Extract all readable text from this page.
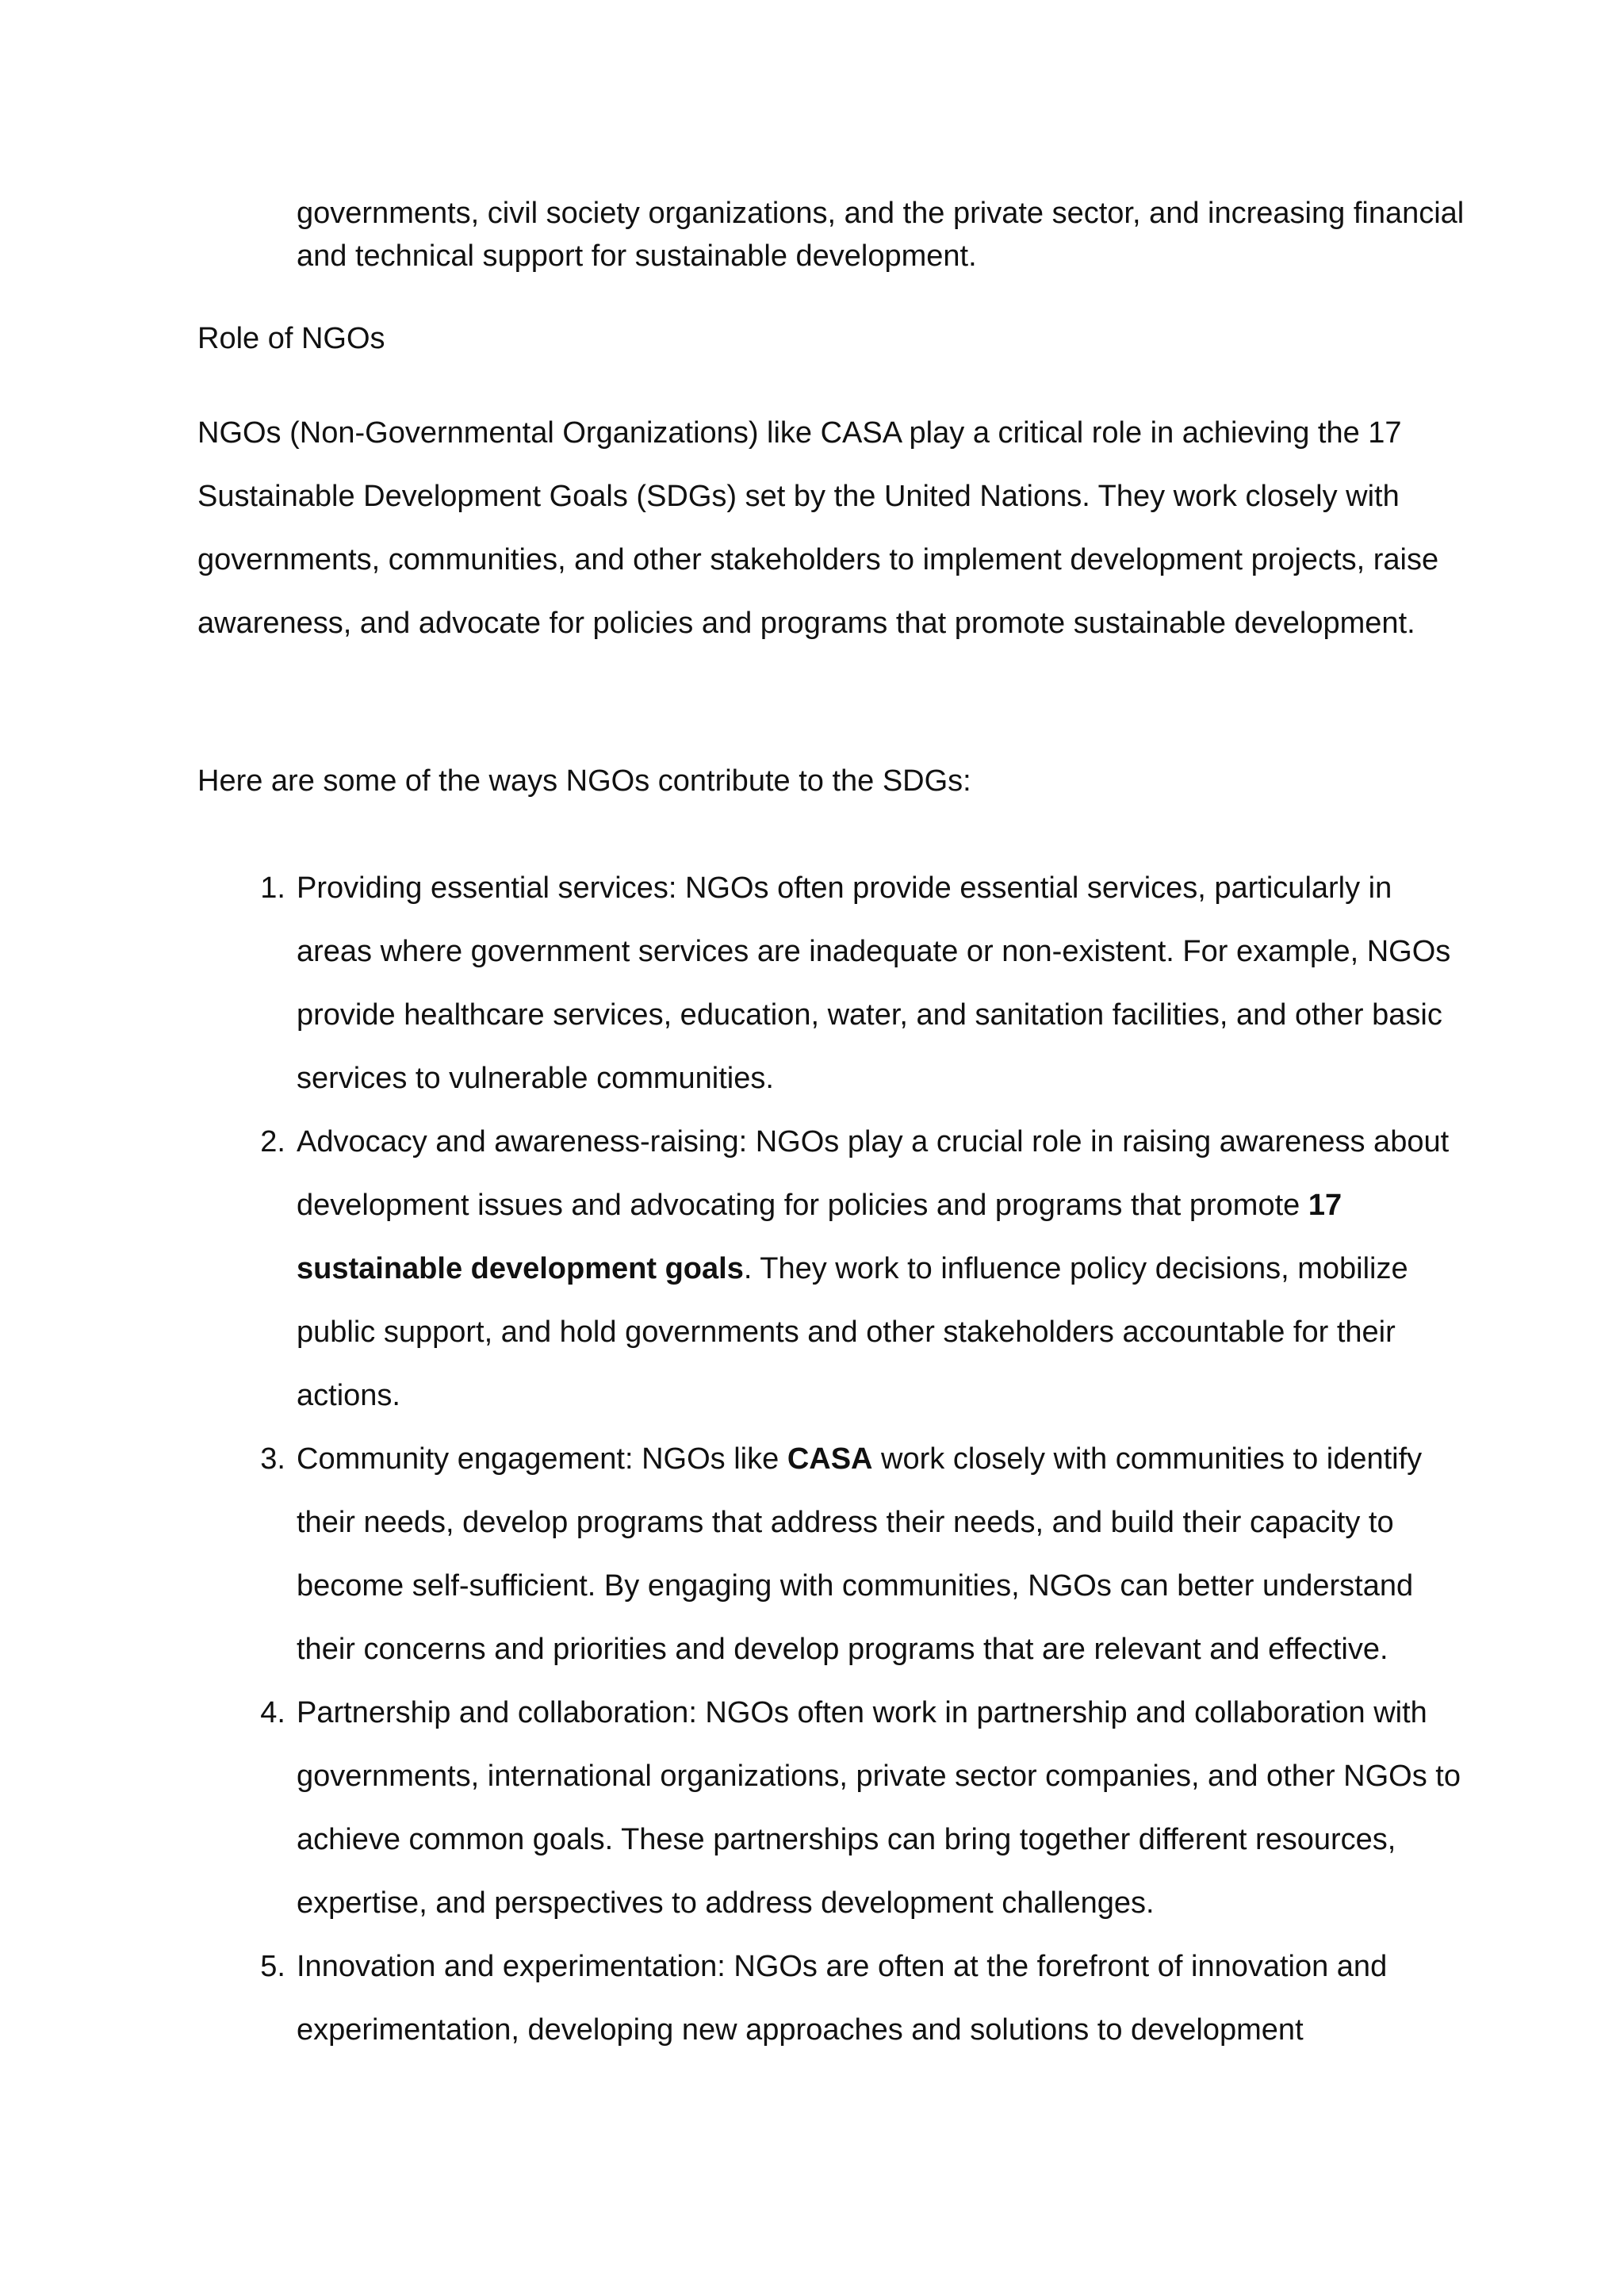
governments, civil society organizations, and the private sector, and increasing financial and technical support for sustainable development.

Role of NGOs

NGOs (Non-Governmental Organizations) like CASA play a critical role in achieving the 17 Sustainable Development Goals (SDGs) set by the United Nations. They work closely with governments, communities, and other stakeholders to implement development projects, raise awareness, and advocate for policies and programs that promote sustainable development.

Here are some of the ways NGOs contribute to the SDGs:

1. Providing essential services: NGOs often provide essential services, particularly in areas where government services are inadequate or non-existent. For example, NGOs provide healthcare services, education, water, and sanitation facilities, and other basic services to vulnerable communities.
2. Advocacy and awareness-raising: NGOs play a crucial role in raising awareness about development issues and advocating for policies and programs that promote 17 sustainable development goals. They work to influence policy decisions, mobilize public support, and hold governments and other stakeholders accountable for their actions.
3. Community engagement: NGOs like CASA work closely with communities to identify their needs, develop programs that address their needs, and build their capacity to become self-sufficient. By engaging with communities, NGOs can better understand their concerns and priorities and develop programs that are relevant and effective.
4. Partnership and collaboration: NGOs often work in partnership and collaboration with governments, international organizations, private sector companies, and other NGOs to achieve common goals. These partnerships can bring together different resources, expertise, and perspectives to address development challenges.
5. Innovation and experimentation: NGOs are often at the forefront of innovation and experimentation, developing new approaches and solutions to development
